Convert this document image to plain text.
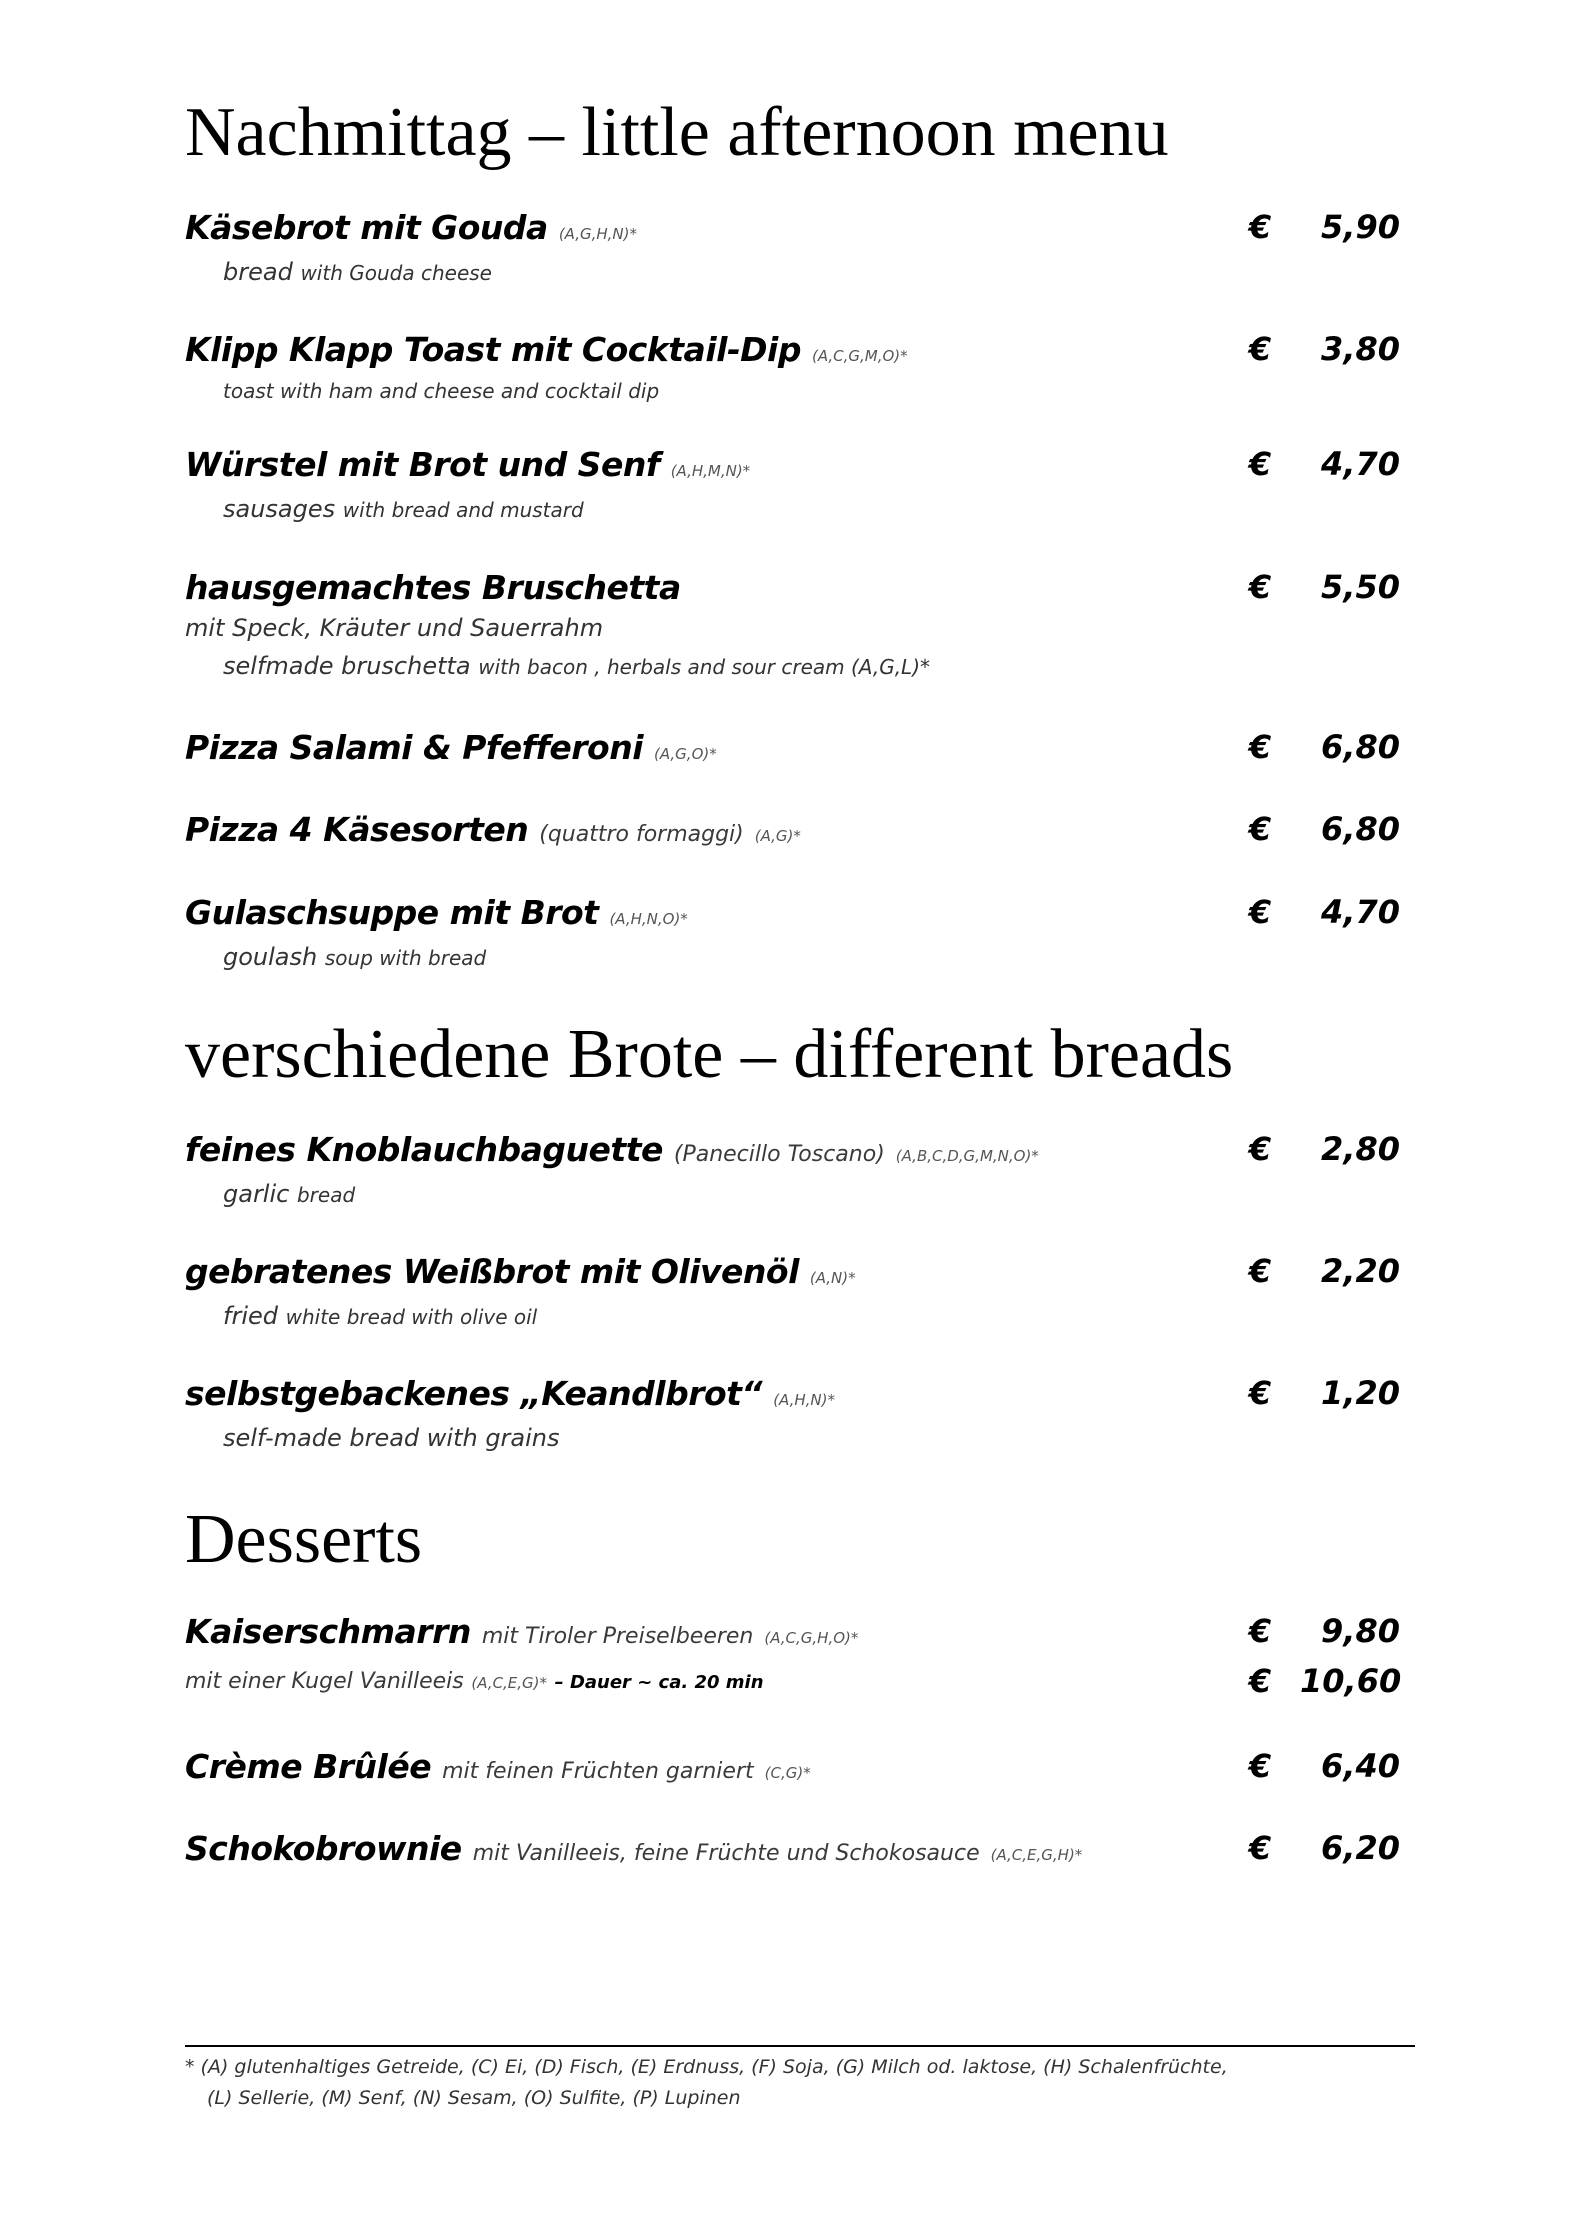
Nachmittag – little afternoon menu
Käsebrot mit Gouda (A,G,H,N)*	€	5,90
bread with Gouda cheese
Klipp Klapp Toast mit Cocktail-Dip (A,C,G,M,O)*	€	3,80
toast with ham and cheese and cocktail dip
Würstel mit Brot und Senf (A,H,M,N)*	€	4,70
sausages with bread and mustard
hausgemachtes Bruschetta	€	5,50
mit Speck, Kräuter und Sauerrahm
selfmade bruschetta with bacon , herbals and sour cream (A,G,L)*
Pizza Salami & Pfefferoni (A,G,O)*	€	6,80
Pizza 4 Käsesorten (quattro formaggi) (A,G)*	€	6,80
Gulaschsuppe mit Brot (A,H,N,O)*	€	4,70
goulash soup with bread
verschiedene Brote – different breads
feines Knoblauchbaguette (Panecillo Toscano) (A,B,C,D,G,M,N,O)*	€	2,80
garlic bread
gebratenes Weißbrot mit Olivenöl (A,N)*	€	2,20
fried white bread with olive oil
selbstgebackenes „Keandlbrot“ (A,H,N)*	€	1,20
self-made bread with grains
Desserts
Kaiserschmarrn mit Tiroler Preiselbeeren (A,C,G,H,O)*	€	9,80
mit einer Kugel Vanilleeis (A,C,E,G)* – Dauer ~ ca. 20 min	€ 10,60
Crème Brûlée mit feinen Früchten garniert (C,G)*	€	6,40
Schokobrownie mit Vanilleeis, feine Früchte und Schokosauce (A,C,E,G,H)*	€	6,20
* (A) glutenhaltiges Getreide, (C) Ei, (D) Fisch, (E) Erdnuss, (F) Soja, (G) Milch od. laktose, (H) Schalenfrüchte,
(L) Sellerie, (M) Senf, (N) Sesam, (O) Sulfite, (P) Lupinen
